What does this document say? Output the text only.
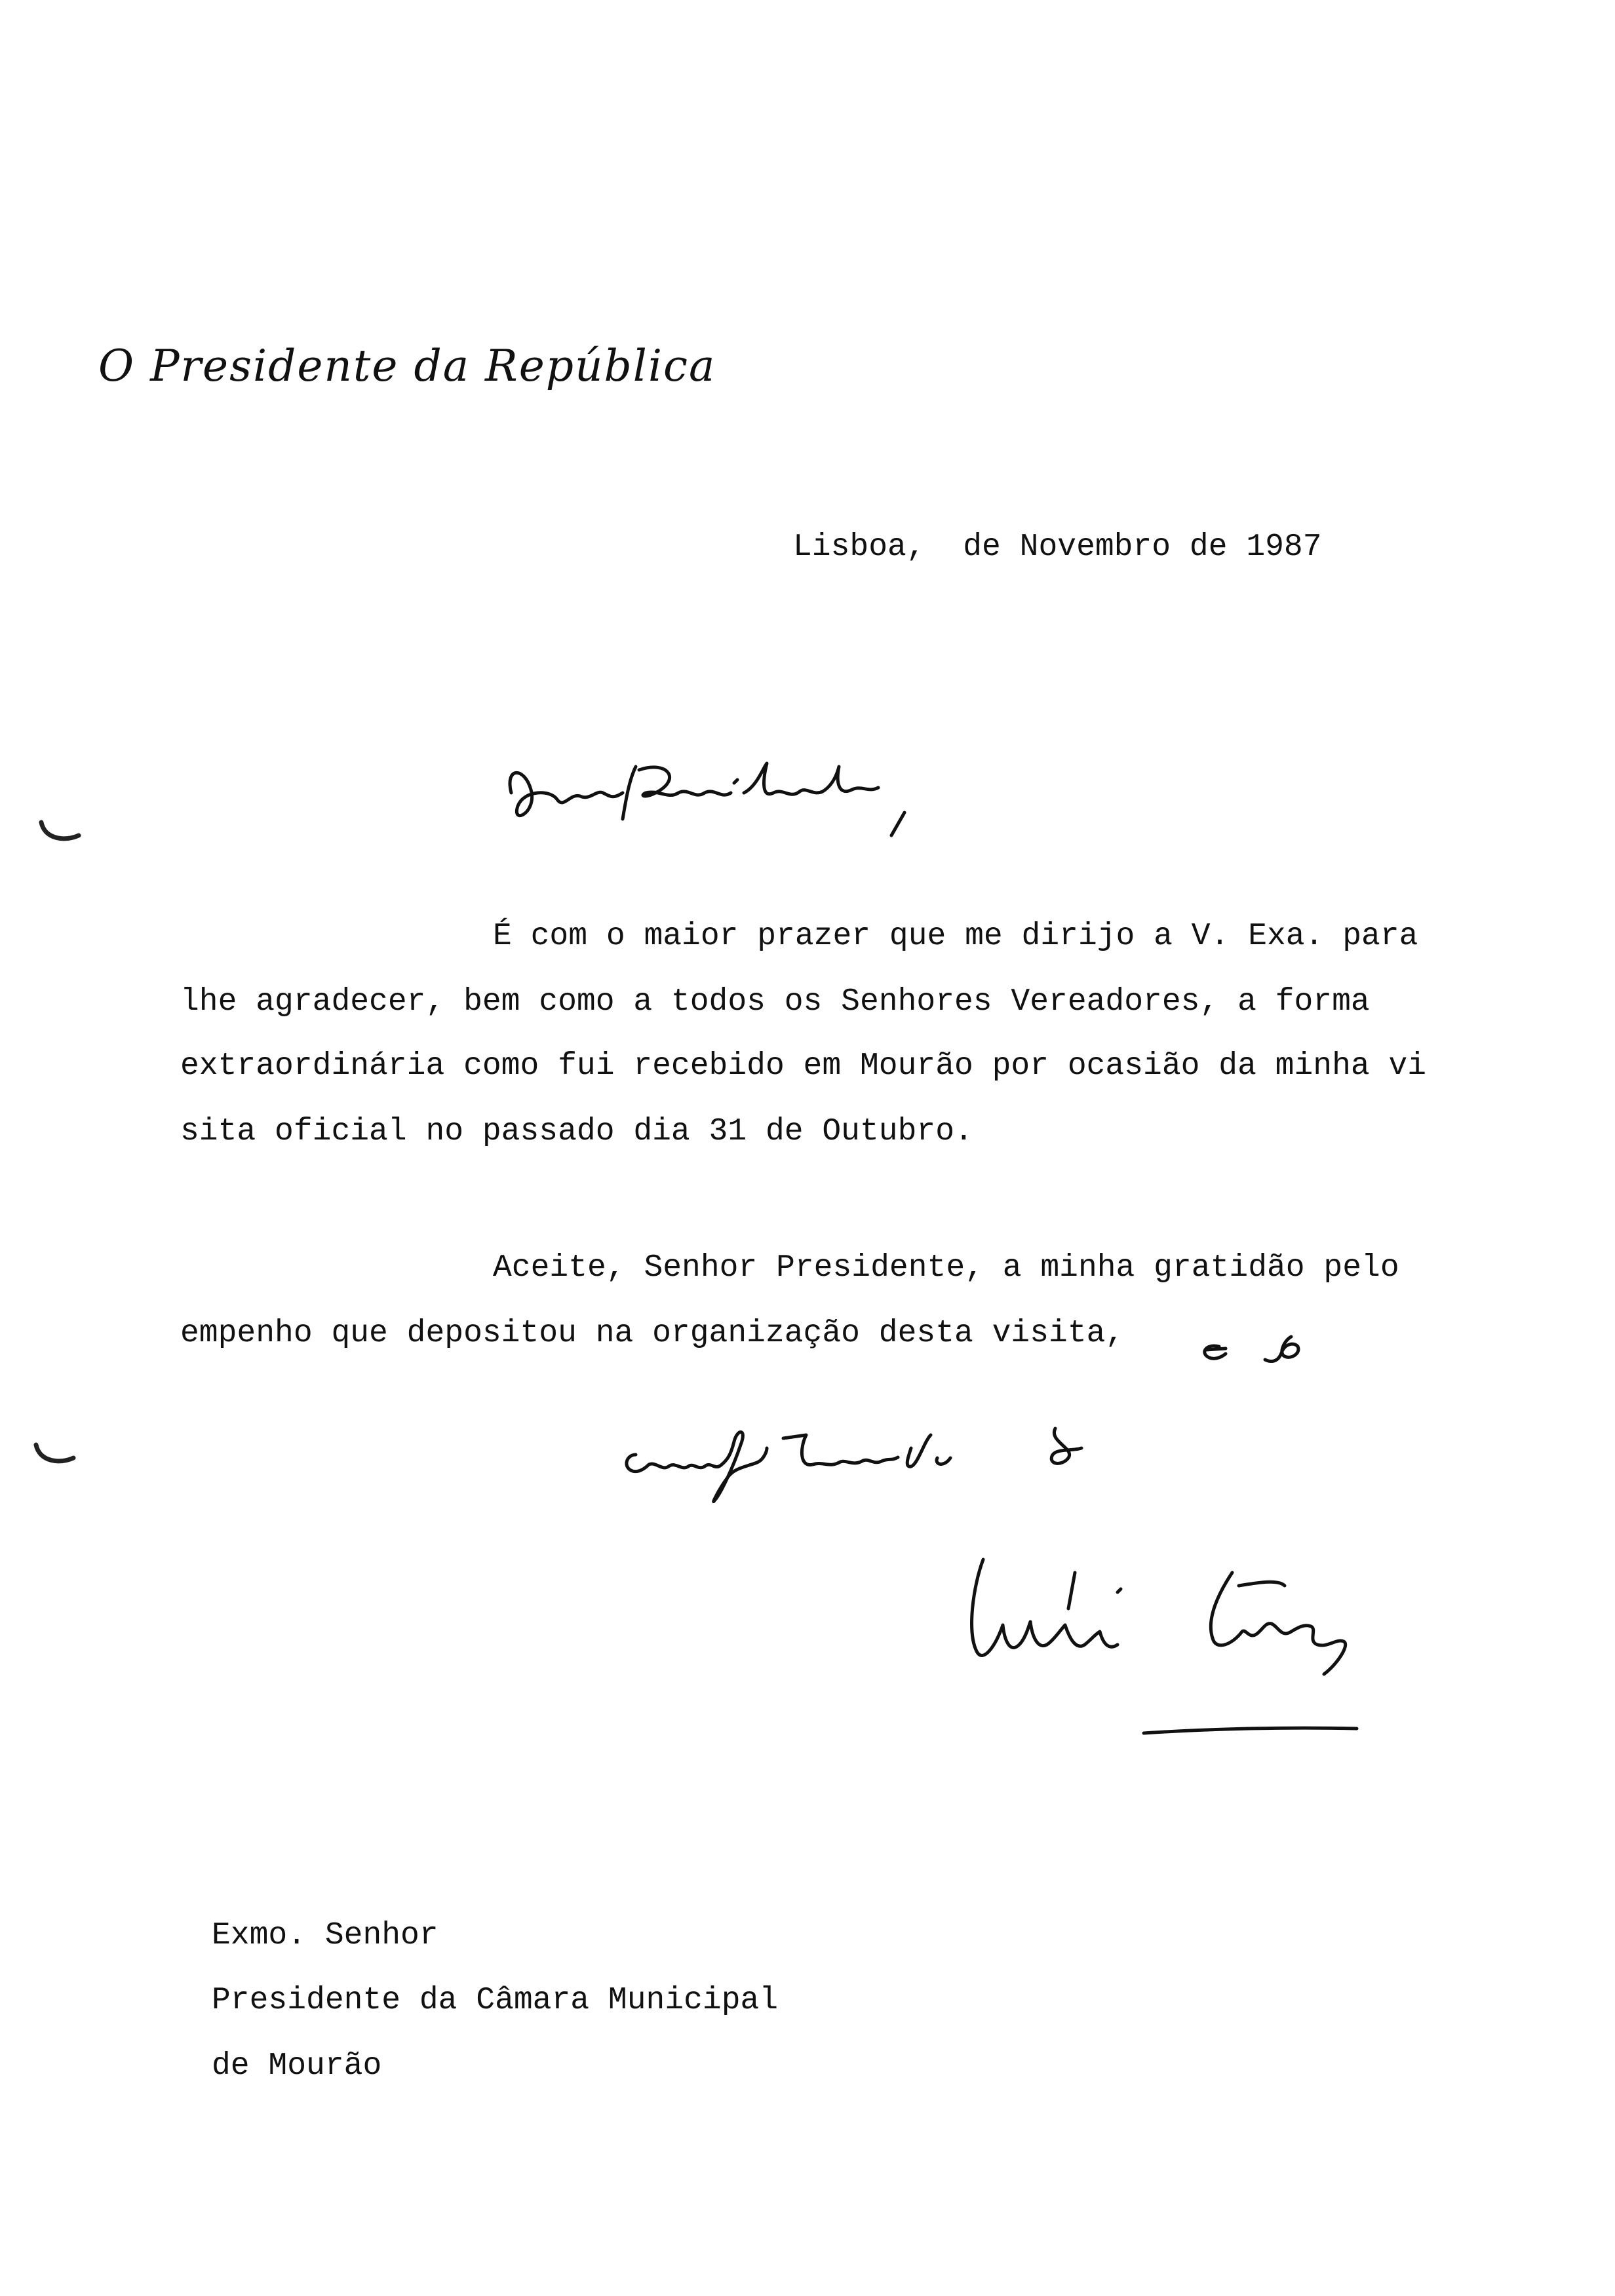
O Presidente da República
Lisboa,  de Novembro de 1987

É com o maior prazer que me dirijo a V. Exa. para

lhe agradecer, bem como a todos os Senhores Vereadores, a forma

extraordinária como fui recebido em Mourão por ocasião da minha vi

sita oficial no passado dia 31 de Outubro.

Aceite, Senhor Presidente, a minha gratidão pelo

empenho que depositou na organização desta visita,

Exmo. Senhor
Presidente da Câmara Municipal
de Mourão
